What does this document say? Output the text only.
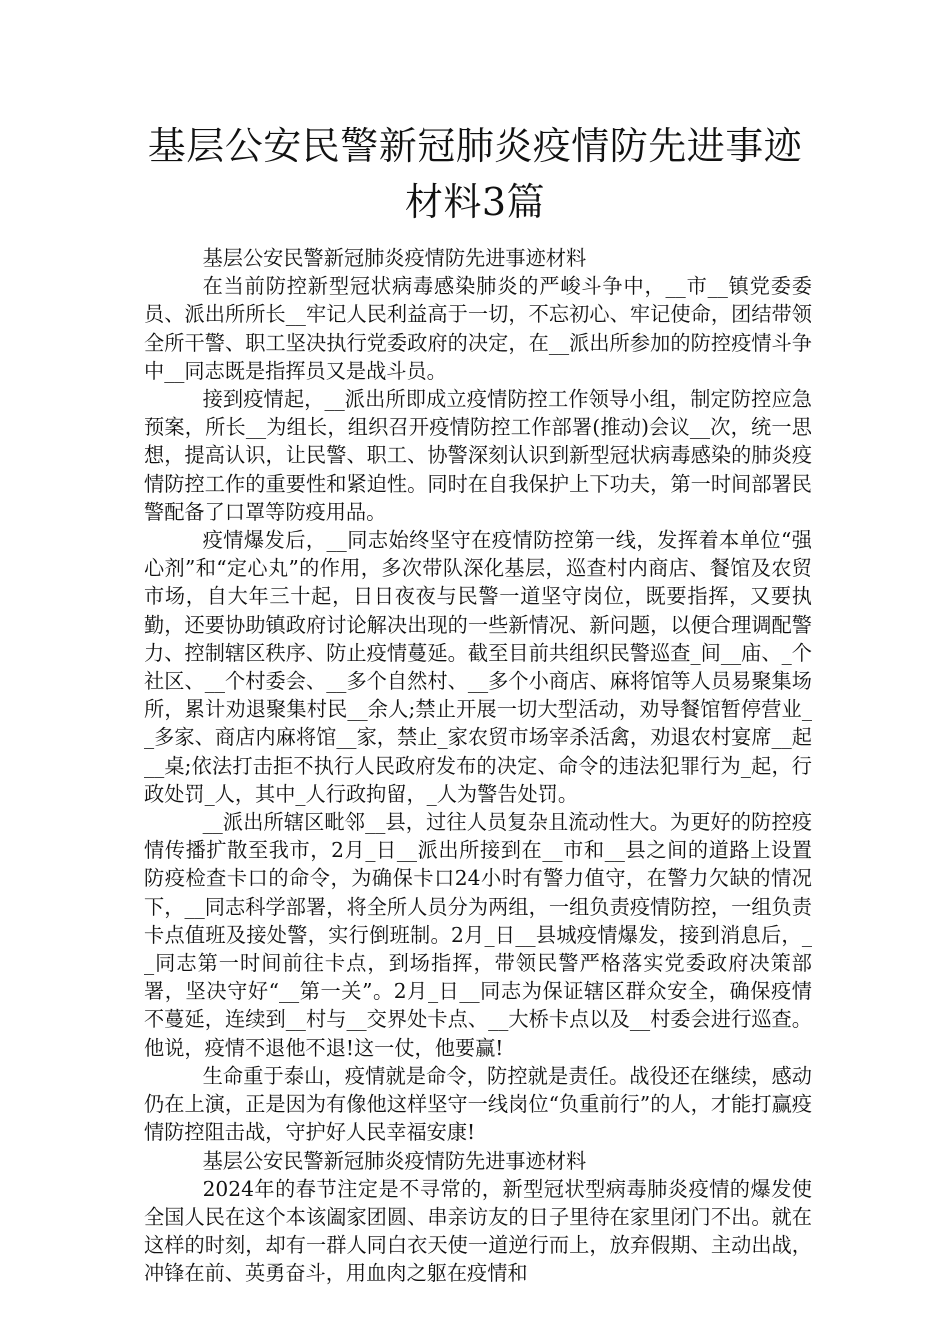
基层公安民警新冠肺炎疫情防先进事迹材料3篇

基层公安民警新冠肺炎疫情防先进事迹材料

在当前防控新型冠状病毒感染肺炎的严峻斗争中，__市__镇党委委员、派出所所长__牢记人民利益高于一切，不忘初心、牢记使命，团结带领全所干警、职工坚决执行党委政府的决定，在__派出所参加的防控疫情斗争中__同志既是指挥员又是战斗员。

接到疫情起，__派出所即成立疫情防控工作领导小组，制定防控应急预案，所长__为组长，组织召开疫情防控工作部署(推动)会议__次，统一思想，提高认识，让民警、职工、协警深刻认识到新型冠状病毒感染的肺炎疫情防控工作的重要性和紧迫性。同时在自我保护上下功夫，第一时间部署民警配备了口罩等防疫用品。

疫情爆发后，__同志始终坚守在疫情防控第一线，发挥着本单位“强心剂”和“定心丸”的作用，多次带队深化基层，巡查村内商店、餐馆及农贸市场，自大年三十起，日日夜夜与民警一道坚守岗位，既要指挥，又要执勤，还要协助镇政府讨论解决出现的一些新情况、新问题，以便合理调配警力、控制辖区秩序、防止疫情蔓延。截至目前共组织民警巡查_间__庙、_个社区、__个村委会、__多个自然村、__多个小商店、麻将馆等人员易聚集场所，累计劝退聚集村民__余人;禁止开展一切大型活动，劝导餐馆暂停营业__多家、商店内麻将馆__家，禁止_家农贸市场宰杀活禽，劝退农村宴席__起__桌;依法打击拒不执行人民政府发布的决定、命令的违法犯罪行为_起，行政处罚_人，其中_人行政拘留，_人为警告处罚。

__派出所辖区毗邻__县，过往人员复杂且流动性大。为更好的防控疫情传播扩散至我市，2月_日__派出所接到在__市和__县之间的道路上设置防疫检查卡口的命令，为确保卡口24小时有警力值守，在警力欠缺的情况下，__同志科学部署，将全所人员分为两组，一组负责疫情防控，一组负责卡点值班及接处警，实行倒班制。2月_日__县城疫情爆发，接到消息后，__同志第一时间前往卡点，到场指挥，带领民警严格落实党委政府决策部署，坚决守好“__第一关”。2月_日__同志为保证辖区群众安全，确保疫情不蔓延，连续到__村与__交界处卡点、__大桥卡点以及__村委会进行巡查。他说，疫情不退他不退!这一仗，他要赢!

生命重于泰山，疫情就是命令，防控就是责任。战役还在继续，感动仍在上演，正是因为有像他这样坚守一线岗位“负重前行”的人，才能打赢疫情防控阻击战，守护好人民幸福安康!

基层公安民警新冠肺炎疫情防先进事迹材料

2024年的春节注定是不寻常的，新型冠状型病毒肺炎疫情的爆发使全国人民在这个本该阖家团圆、串亲访友的日子里待在家里闭门不出。就在这样的时刻，却有一群人同白衣天使一道逆行而上，放弃假期、主动出战，冲锋在前、英勇奋斗，用血肉之躯在疫情和
